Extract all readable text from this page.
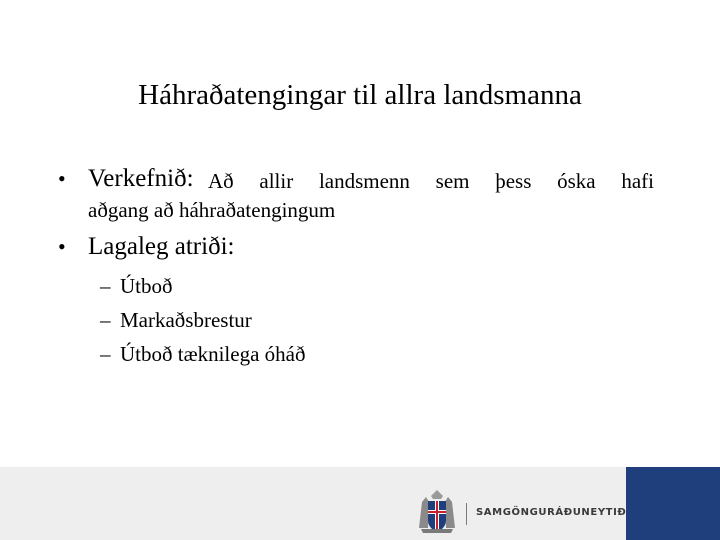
Háhraðatengingar til allra landsmanna
• Verkefnið: Að allir landsmenn sem þess óska hafi
aðgang að háhraðatengingum
• Lagaleg atriði:
– Útboð
– Markaðsbrestur
– Útboð tæknilega óháð
SAMGÖNGURÁÐUNEYTIÐ
